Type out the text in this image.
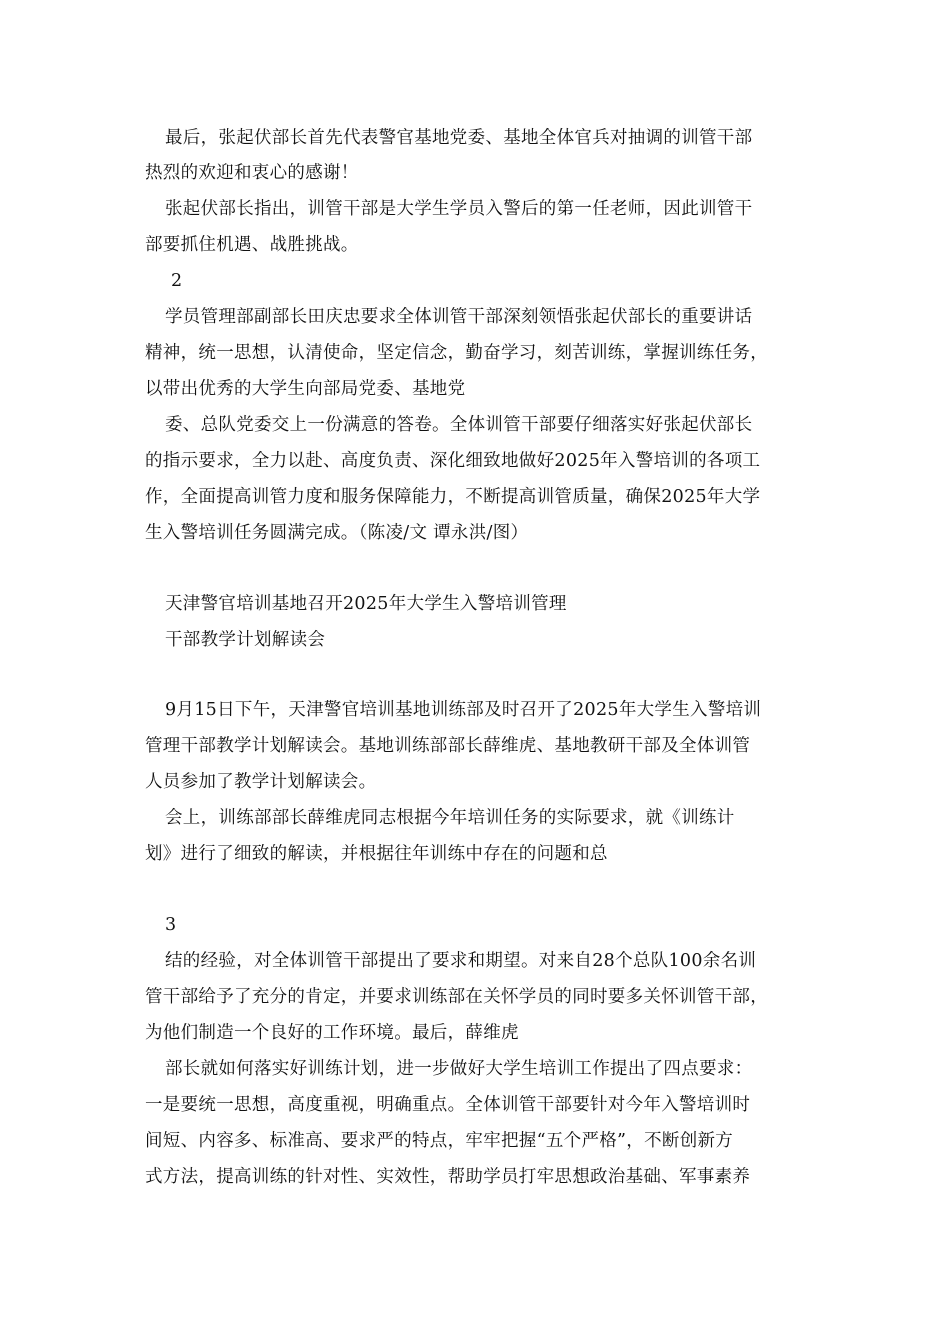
最后，张起伏部长首先代表警官基地党委、基地全体官兵对抽调的训管干部
热烈的欢迎和衷心的感谢！
张起伏部长指出，训管干部是大学生学员入警后的第一任老师，因此训管干
部要抓住机遇、战胜挑战。
2
学员管理部副部长田庆忠要求全体训管干部深刻领悟张起伏部长的重要讲话
精神，统一思想，认清使命，坚定信念，勤奋学习，刻苦训练，掌握训练任务，
以带出优秀的大学生向部局党委、基地党
委、总队党委交上一份满意的答卷。全体训管干部要仔细落实好张起伏部长
的指示要求，全力以赴、高度负责、深化细致地做好2025年入警培训的各项工
作，全面提高训管力度和服务保障能力，不断提高训管质量，确保2025年大学
生入警培训任务圆满完成。（陈凌/文 谭永洪/图）
天津警官培训基地召开2025年大学生入警培训管理
干部教学计划解读会
9月15日下午，天津警官培训基地训练部及时召开了2025年大学生入警培训
管理干部教学计划解读会。基地训练部部长薛维虎、基地教研干部及全体训管
人员参加了教学计划解读会。
会上，训练部部长薛维虎同志根据今年培训任务的实际要求，就《训练计
划》进行了细致的解读，并根据往年训练中存在的问题和总
3
结的经验，对全体训管干部提出了要求和期望。对来自28个总队100余名训
管干部给予了充分的肯定，并要求训练部在关怀学员的同时要多关怀训管干部，
为他们制造一个良好的工作环境。最后，薛维虎
部长就如何落实好训练计划，进一步做好大学生培训工作提出了四点要求：
一是要统一思想，高度重视，明确重点。全体训管干部要针对今年入警培训时
间短、内容多、标准高、要求严的特点，牢牢把握“五个严格”，不断创新方
式方法，提高训练的针对性、实效性，帮助学员打牢思想政治基础、军事素养
